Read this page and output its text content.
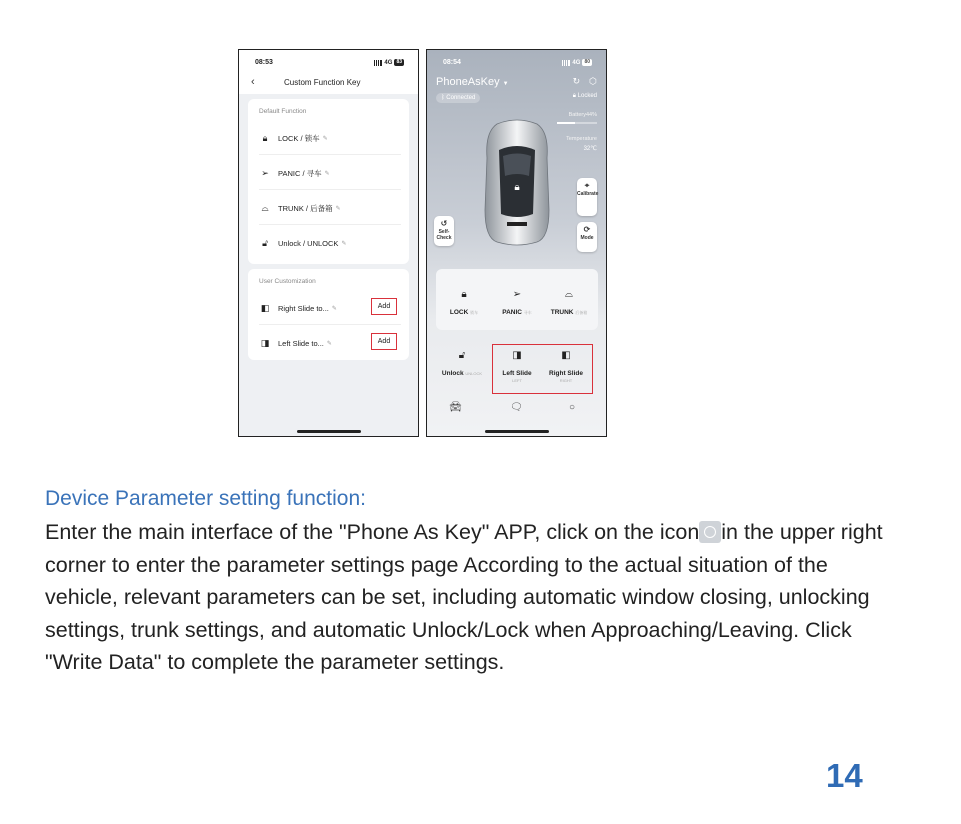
08:53	4G 83
‹	Custom Function Key
Default Function
🔒︎	LOCK / 锁车 ✎
➢ PANIC / 寻车 ✎
⌓	TRUNK / 后备箱 ✎
🔓︎	Unlock / UNLOCK ✎
User Customization
◧ Right Slide to... ✎	Add
◨ Left Slide to... ✎	Add
08:54	4G 80
PhoneAsKey ▼	↻ ⬡
ᛒ Connected	🔒︎ Locked
Battery44%
Temperature
32℃
🔒︎
↺
Self-Check
⌖
Calibrate
⟳
Mode
🔒︎
LOCK 锁车
➢
PANIC 寻车
⌓
TRUNK 后备箱
🔓︎
Unlock UNLOCK
◨
Left Slide
LEFT
◧
Right Slide
RIGHT
🚘︎	🗨︎	○
Device Parameter setting function:
Enter the main interface of the "Phone As Key" APP, click on the icon in the upper right corner to enter the parameter settings page According to the actual situation of the vehicle, relevant parameters can be set, including automatic window closing, unlocking settings, trunk settings, and automatic Unlock/Lock when Approaching/Leaving. Click "Write Data" to complete the parameter settings.
14
